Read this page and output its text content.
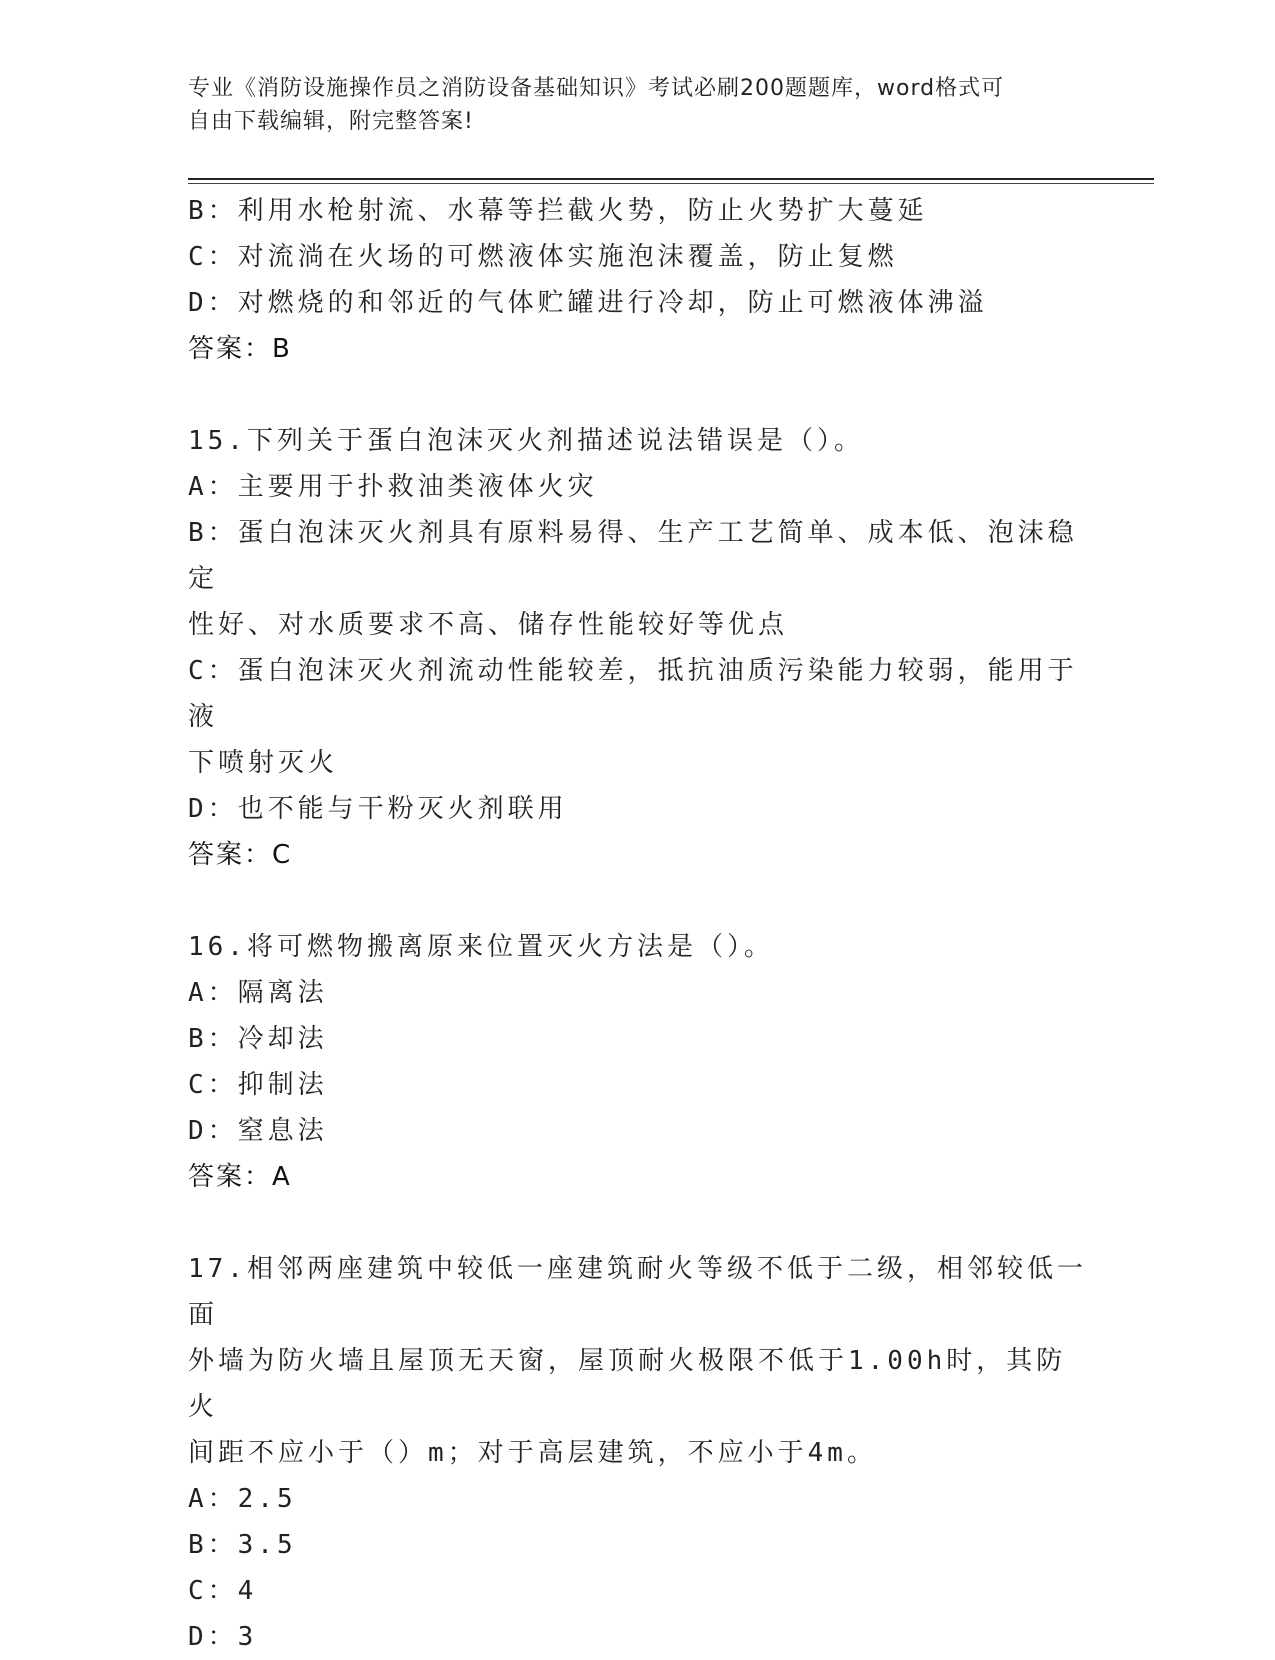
专业《消防设施操作员之消防设备基础知识》考试必刷200题题库，word格式可
自由下载编辑，附完整答案!
B：利用水枪射流、水幕等拦截火势，防止火势扩大蔓延
C：对流淌在火场的可燃液体实施泡沫覆盖，防止复燃
D：对燃烧的和邻近的气体贮罐进行冷却，防止可燃液体沸溢
答案：B
15.下列关于蛋白泡沫灭火剂描述说法错误是（）。
A：主要用于扑救油类液体火灾
B：蛋白泡沫灭火剂具有原料易得、生产工艺简单、成本低、泡沫稳定
性好、对水质要求不高、储存性能较好等优点
C：蛋白泡沫灭火剂流动性能较差，抵抗油质污染能力较弱，能用于液
下喷射灭火
D：也不能与干粉灭火剂联用
答案：C
16.将可燃物搬离原来位置灭火方法是（）。
A：隔离法
B：冷却法
C：抑制法
D：窒息法
答案：A
17.相邻两座建筑中较低一座建筑耐火等级不低于二级，相邻较低一面
外墙为防火墙且屋顶无天窗，屋顶耐火极限不低于1.00h时，其防火
间距不应小于（）m；对于高层建筑，不应小于4m。
A：2.5
B：3.5
C：4
D：3
